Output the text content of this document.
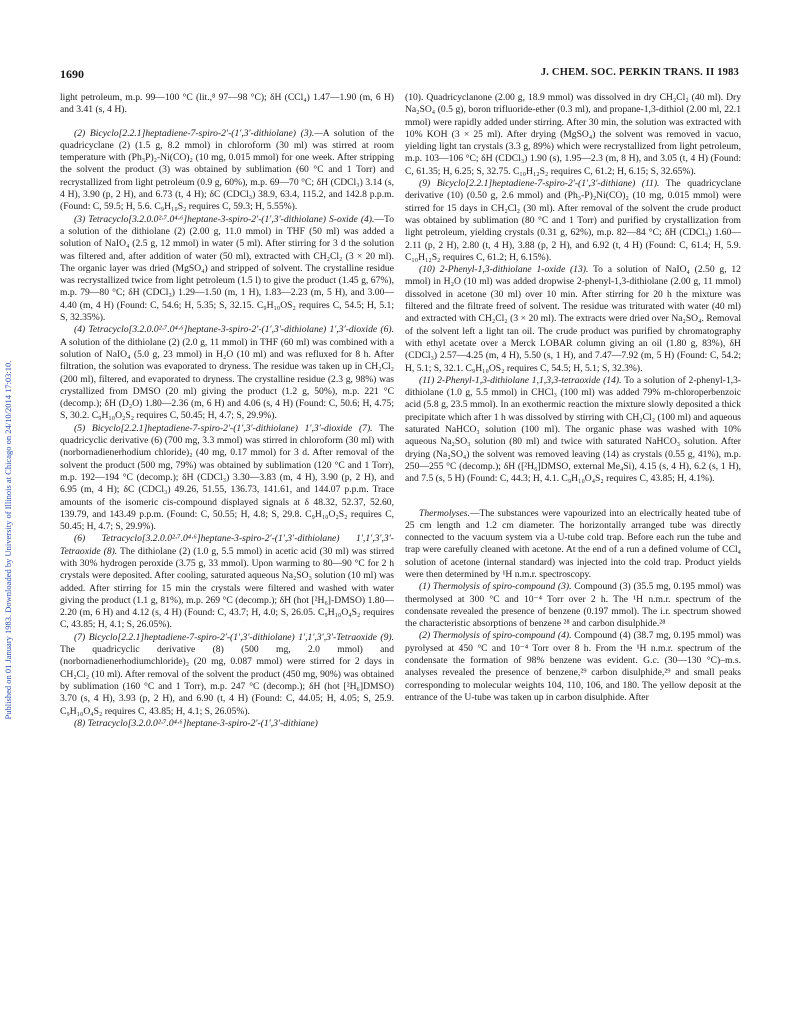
1690	J. CHEM. SOC. PERKIN TRANS. II 1983
Published on 01 January 1983. Downloaded by University of Illinois at Chicago on 24/10/2014 17:03:10.

light petroleum, m.p. 99—100 °C (lit.,⁸ 97—98 °C); δH (CCl₄) 1.47—1.90 (m, 6 H) and 3.41 (s, 4 H).

(2) Bicyclo[2.2.1]heptadiene-7-spiro-2′-(1′,3′-dithiolane) (3).—A solution of the quadricyclane (2) (1.5 g, 8.2 mmol) in chloroform (30 ml) was stirred at room temperature with (Ph₃P)₂-Ni(CO)₂ (10 mg, 0.015 mmol) for one week. After stripping the solvent the product (3) was obtained by sublimation (60 °C and 1 Torr) and recrystallized from light petroleum (0.9 g, 60%), m.p. 69—70 °C; δH (CDCl₃) 3.14 (s, 4 H), 3.90 (p, 2 H), and 6.73 (t, 4 H); δC (CDCl₃) 38.9, 63.4, 115.2, and 142.8 p.p.m. (Found: C, 59.5; H, 5.6. C₉H₁₀S₂ requires C, 59.3; H, 5.55%).

(3) Tetracyclo[3.2.0.0²·⁷.0⁴·⁶]heptane-3-spiro-2′-(1′,3′-dithiolane) S-oxide (4).—To a solution of the dithiolane (2) (2.00 g, 11.0 mmol) in THF (50 ml) was added a solution of NaIO₄ (2.5 g, 12 mmol) in water (5 ml). After stirring for 3 d the solution was filtered and, after addition of water (50 ml), extracted with CH₂Cl₂ (3 × 20 ml). The organic layer was dried (MgSO₄) and stripped of solvent. The crystalline residue was recrystallized twice from light petroleum (1.5 l) to give the product (1.45 g, 67%), m.p. 79—80 °C; δH (CDCl₃) 1.29—1.50 (m, 1 H), 1.83—2.23 (m, 5 H), and 3.00—4.40 (m, 4 H) (Found: C, 54.6; H, 5.35; S, 32.15. C₉H₁₀OS₂ requires C, 54.5; H, 5.1; S, 32.35%).

(4) Tetracyclo[3.2.0.0²·⁷.0⁴·⁶]heptane-3-spiro-2′-(1′,3′-dithiolane) 1′,3′-dioxide (6). A solution of the dithiolane (2) (2.0 g, 11 mmol) in THF (60 ml) was combined with a solution of NaIO₄ (5.0 g, 23 mmol) in H₂O (10 ml) and was refluxed for 8 h. After filtration, the solution was evaporated to dryness. The residue was taken up in CH₂Cl₂ (200 ml), filtered, and evaporated to dryness. The crystalline residue (2.3 g, 98%) was crystallized from DMSO (20 ml) giving the product (1.2 g, 50%), m.p. 221 °C (decomp.); δH (D₂O) 1.80—2.36 (m, 6 H) and 4.06 (s, 4 H) (Found: C, 50.6; H, 4.75; S, 30.2. C₉H₁₀O₂S₂ requires C, 50.45; H, 4.7; S, 29.9%).

(5) Bicyclo[2.2.1]heptadiene-7-spiro-2′-(1′,3′-dithiolane) 1′,3′-dioxide (7). The quadricyclic derivative (6) (700 mg, 3.3 mmol) was stirred in chloroform (30 ml) with (norbornadienerhodium chloride)₂ (40 mg, 0.17 mmol) for 3 d. After removal of the solvent the product (500 mg, 79%) was obtained by sublimation (120 °C and 1 Torr), m.p. 192—194 °C (decomp.); δH (CDCl₃) 3.30—3.83 (m, 4 H), 3.90 (p, 2 H), and 6.95 (m, 4 H); δC (CDCl₃) 49.26, 51.55, 136.73, 141.61, and 144.07 p.p.m. Trace amounts of the isomeric cis-compound displayed signals at δ 48.32, 52.37, 52.60, 139.79, and 143.49 p.p.m. (Found: C, 50.55; H, 4.8; S, 29.8. C₉H₁₀O₂S₂ requires C, 50.45; H, 4.7; S, 29.9%).

(6) Tetracyclo[3.2.0.0²·⁷.0⁴·⁶]heptane-3-spiro-2′-(1′,3′-dithiolane) 1′,1′,3′,3′-Tetraoxide (8). The dithiolane (2) (1.0 g, 5.5 mmol) in acetic acid (30 ml) was stirred with 30% hydrogen peroxide (3.75 g, 33 mmol). Upon warming to 80—90 °C for 2 h crystals were deposited. After cooling, saturated aqueous Na₂SO₃ solution (10 ml) was added. After stirring for 15 min the crystals were filtered and washed with water giving the product (1.1 g, 81%), m.p. 269 °C (decomp.); δH (hot [²H₆]-DMSO) 1.80—2.20 (m, 6 H) and 4.12 (s, 4 H) (Found: C, 43.7; H, 4.0; S, 26.05. C₉H₁₀O₄S₂ requires C, 43.85; H, 4.1; S, 26.05%).

(7) Bicyclo[2.2.1]heptadiene-7-spiro-2′-(1′,3′-dithiolane) 1′,1′,3′,3′-Tetraoxide (9). The quadricyclic derivative (8) (500 mg, 2.0 mmol) and (norbornadienerhodiumchloride)₂ (20 mg, 0.087 mmol) were stirred for 2 days in CH₂Cl₂ (10 ml). After removal of the solvent the product (450 mg, 90%) was obtained by sublimation (160 °C and 1 Torr), m.p. 247 °C (decomp.); δH (hot [²H₆]DMSO) 3.70 (s, 4 H), 3.93 (p, 2 H), and 6.90 (t, 4 H) (Found: C, 44.05; H, 4.05; S, 25.9. C₉H₁₀O₄S₂ requires C, 43.85; H, 4.1; S, 26.05%).

(8) Tetracyclo[3.2.0.0²·⁷.0⁴·⁶]heptane-3-spiro-2′-(1′,3′-dithiane)

(10). Quadricyclanone (2.00 g, 18.9 mmol) was dissolved in dry CH₂Cl₂ (40 ml). Dry Na₂SO₄ (0.5 g), boron trifluoride-ether (0.3 ml), and propane-1,3-dithiol (2.00 ml, 22.1 mmol) were rapidly added under stirring. After 30 min, the solution was extracted with 10% KOH (3 × 25 ml). After drying (MgSO₄) the solvent was removed in vacuo, yielding light tan crystals (3.3 g, 89%) which were recrystallized from light petroleum, m.p. 103—106 °C; δH (CDCl₃) 1.90 (s), 1.95—2.3 (m, 8 H), and 3.05 (t, 4 H) (Found: C, 61.35; H, 6.25; S, 32.75. C₁₀H₁₂S₂ requires C, 61.2; H, 6.15; S, 32.65%).

(9) Bicyclo[2.2.1]heptadiene-7-spiro-2′-(1′,3′-dithiane) (11). The quadricyclane derivative (10) (0.50 g, 2.6 mmol) and (Ph₃-P)₂Ni(CO)₂ (10 mg, 0.015 mmol) were stirred for 15 days in CH₂Cl₂ (30 ml). After removal of the solvent the crude product was obtained by sublimation (80 °C and 1 Torr) and purified by crystallization from light petroleum, yielding crystals (0.31 g, 62%), m.p. 82—84 °C; δH (CDCl₃) 1.60—2.11 (p, 2 H), 2.80 (t, 4 H), 3.88 (p, 2 H), and 6.92 (t, 4 H) (Found: C, 61.4; H, 5.9. C₁₀H₁₂S₂ requires C, 61.2; H, 6.15%).

(10) 2-Phenyl-1,3-dithiolane 1-oxide (13). To a solution of NaIO₄ (2.50 g, 12 mmol) in H₂O (10 ml) was added dropwise 2-phenyl-1,3-dithiolane (2.00 g, 11 mmol) dissolved in acetone (30 ml) over 10 min. After stirring for 20 h the mixture was filtered and the filtrate freed of solvent. The residue was triturated with water (40 ml) and extracted with CH₂Cl₂ (3 × 20 ml). The extracts were dried over Na₂SO₄. Removal of the solvent left a light tan oil. The crude product was purified by chromatography with ethyl acetate over a Merck LOBAR column giving an oil (1.80 g, 83%), δH (CDCl₃) 2.57—4.25 (m, 4 H), 5.50 (s, 1 H), and 7.47—7.92 (m, 5 H) (Found: C, 54.2; H, 5.1; S, 32.1. C₉H₁₀OS₂ requires C, 54.5; H, 5.1; S, 32.3%).

(11) 2-Phenyl-1,3-dithiolane 1,1,3,3-tetraoxide (14). To a solution of 2-phenyl-1,3-dithiolane (1.0 g, 5.5 mmol) in CHCl₃ (100 ml) was added 79% m-chloroperbenzoic acid (5.8 g, 23.5 mmol). In an exothermic reaction the mixture slowly deposited a thick precipitate which after 1 h was dissolved by stirring with CH₂Cl₂ (100 ml) and aqueous saturated NaHCO₃ solution (100 ml). The organic phase was washed with 10% aqueous Na₂SO₃ solution (80 ml) and twice with saturated NaHCO₃ solution. After drying (Na₂SO₄) the solvent was removed leaving (14) as crystals (0.55 g, 41%), m.p. 250—255 °C (decomp.); δH ([²H₆]DMSO, external Me₄Si), 4.15 (s, 4 H), 6.2 (s, 1 H), and 7.5 (s, 5 H) (Found: C, 44.3; H, 4.1. C₉H₁₀O₄S₂ requires C, 43.85; H, 4.1%).

Thermolyses.—The substances were vapourized into an electrically heated tube of 25 cm length and 1.2 cm diameter. The horizontally arranged tube was directly connected to the vacuum system via a U-tube cold trap. Before each run the tube and trap were carefully cleaned with acetone. At the end of a run a defined volume of CCl₄ solution of acetone (internal standard) was injected into the cold trap. Product yields were then determined by ¹H n.m.r. spectroscopy.

(1) Thermolysis of spiro-compound (3). Compound (3) (35.5 mg, 0.195 mmol) was thermolysed at 300 °C and 10⁻⁴ Torr over 2 h. The ¹H n.m.r. spectrum of the condensate revealed the presence of benzene (0.197 mmol). The i.r. spectrum showed the characteristic absorptions of benzene ²⁸ and carbon disulphide.²⁸

(2) Thermolysis of spiro-compound (4). Compound (4) (38.7 mg, 0.195 mmol) was pyrolysed at 450 °C and 10⁻⁴ Torr over 8 h. From the ¹H n.m.r. spectrum of the condensate the formation of 98% benzene was evident. G.c. (30—130 °C)–m.s. analyses revealed the presence of benzene,²⁹ carbon disulphide,²⁹ and small peaks corresponding to molecular weights 104, 110, 106, and 180. The yellow deposit at the entrance of the U-tube was taken up in carbon disulphide. After
